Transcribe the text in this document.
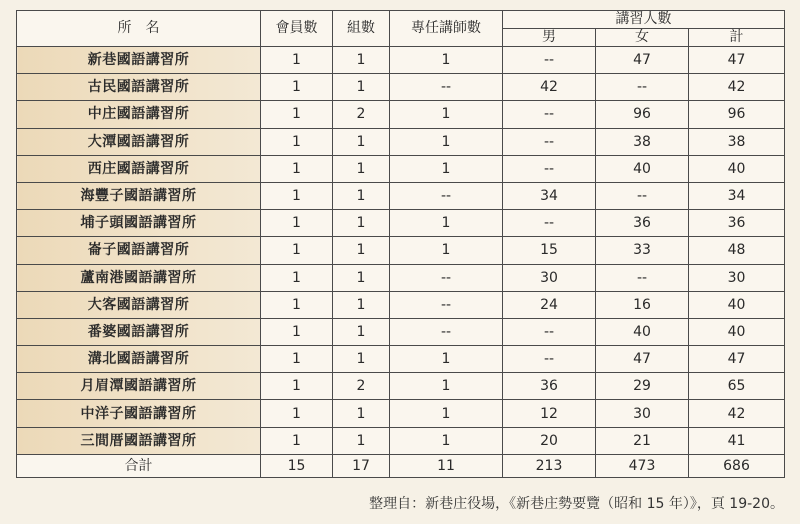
所　名	會員數	組數	專任講師數	講習人數		
				男	女	計
新巷國語講習所	1	1	1	--	47	47
古民國語講習所	1	1	--	42	--	42
中庄國語講習所	1	2	1	--	96	96
大潭國語講習所	1	1	1	--	38	38
西庄國語講習所	1	1	1	--	40	40
海豐子國語講習所	1	1	--	34	--	34
埔子頭國語講習所	1	1	1	--	36	36
崙子國語講習所	1	1	1	15	33	48
蘆南港國語講習所	1	1	--	30	--	30
大客國語講習所	1	1	--	24	16	40
番婆國語講習所	1	1	--	--	40	40
溝北國語講習所	1	1	1	--	47	47
月眉潭國語講習所	1	2	1	36	29	65
中洋子國語講習所	1	1	1	12	30	42
三間厝國語講習所	1	1	1	20	21	41
合計	15	17	11	213	473	686
整理自：新巷庄役場，《新巷庄勢要覽（昭和 15 年）》，頁 19-20。
